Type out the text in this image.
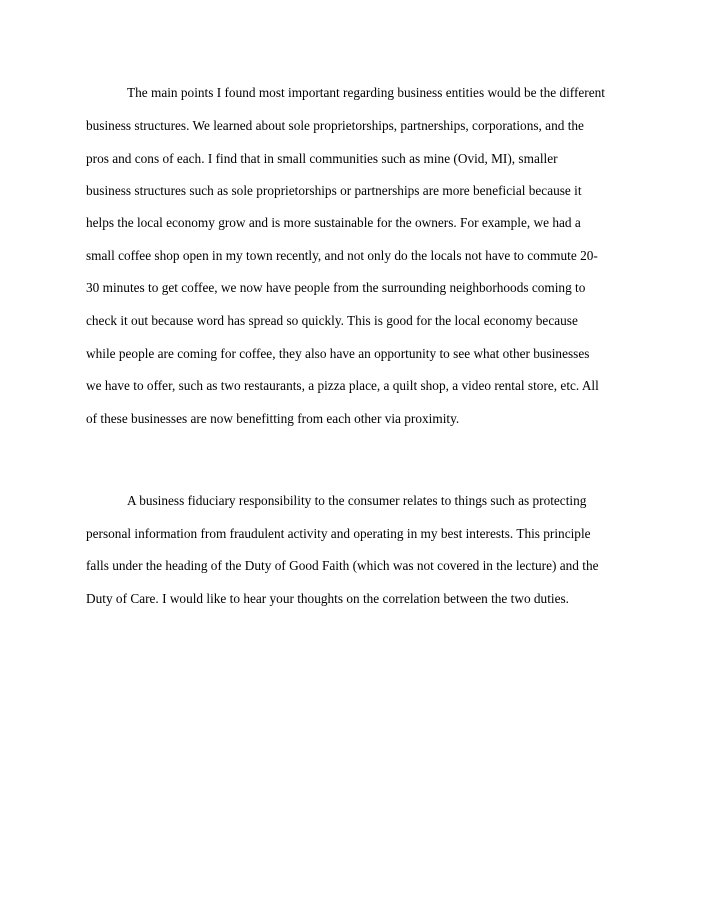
The main points I found most important regarding business entities would be the different

business structures. We learned about sole proprietorships, partnerships, corporations, and the

pros and cons of each. I find that in small communities such as mine (Ovid, MI), smaller

business structures such as sole proprietorships or partnerships are more beneficial because it

helps the local economy grow and is more sustainable for the owners. For example, we had a

small coffee shop open in my town recently, and not only do the locals not have to commute 20-

30 minutes to get coffee, we now have people from the surrounding neighborhoods coming to

check it out because word has spread so quickly. This is good for the local economy because

while people are coming for coffee, they also have an opportunity to see what other businesses

we have to offer, such as two restaurants, a pizza place, a quilt shop, a video rental store, etc. All

of these businesses are now benefitting from each other via proximity.

A business fiduciary responsibility to the consumer relates to things such as protecting

personal information from fraudulent activity and operating in my best interests. This principle

falls under the heading of the Duty of Good Faith (which was not covered in the lecture) and the

Duty of Care. I would like to hear your thoughts on the correlation between the two duties.
